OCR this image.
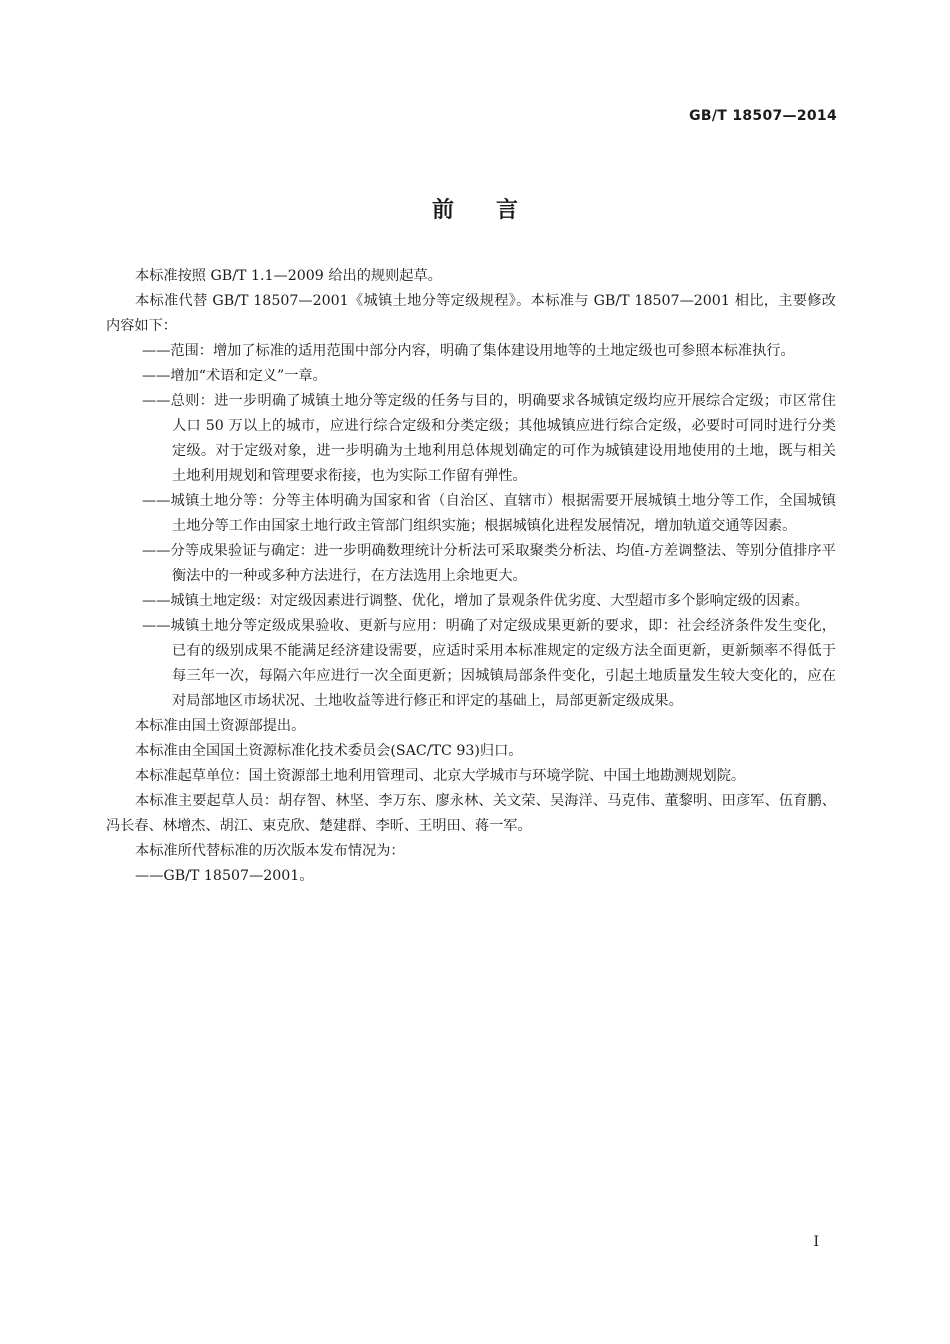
GB/T 18507—2014
前言

本标准按照 GB/T 1.1—2009 给出的规则起草。

本标准代替 GB/T 18507—2001《城镇土地分等定级规程》。本标准与 GB/T 18507—2001 相比，主要修改内容如下：

——范围：增加了标准的适用范围中部分内容，明确了集体建设用地等的土地定级也可参照本标准执行。

——增加“术语和定义”一章。

——总则：进一步明确了城镇土地分等定级的任务与目的，明确要求各城镇定级均应开展综合定级；市区常住人口 50 万以上的城市，应进行综合定级和分类定级；其他城镇应进行综合定级，必要时可同时进行分类定级。对于定级对象，进一步明确为土地利用总体规划确定的可作为城镇建设用地使用的土地，既与相关土地利用规划和管理要求衔接，也为实际工作留有弹性。

——城镇土地分等：分等主体明确为国家和省（自治区、直辖市）根据需要开展城镇土地分等工作，全国城镇土地分等工作由国家土地行政主管部门组织实施；根据城镇化进程发展情况，增加轨道交通等因素。

——分等成果验证与确定：进一步明确数理统计分析法可采取聚类分析法、均值-方差调整法、等别分值排序平衡法中的一种或多种方法进行，在方法选用上余地更大。

——城镇土地定级：对定级因素进行调整、优化，增加了景观条件优劣度、大型超市多个影响定级的因素。

——城镇土地分等定级成果验收、更新与应用：明确了对定级成果更新的要求，即：社会经济条件发生变化，已有的级别成果不能满足经济建设需要，应适时采用本标准规定的定级方法全面更新，更新频率不得低于每三年一次，每隔六年应进行一次全面更新；因城镇局部条件变化，引起土地质量发生较大变化的，应在对局部地区市场状况、土地收益等进行修正和评定的基础上，局部更新定级成果。

本标准由国土资源部提出。

本标准由全国国土资源标准化技术委员会(SAC/TC 93)归口。

本标准起草单位：国土资源部土地利用管理司、北京大学城市与环境学院、中国土地勘测规划院。

本标准主要起草人员：胡存智、林坚、李万东、廖永林、关文荣、吴海洋、马克伟、董黎明、田彦军、伍育鹏、冯长春、林增杰、胡江、束克欣、楚建群、李昕、王明田、蒋一军。

本标准所代替标准的历次版本发布情况为：

——GB/T 18507—2001。

I
